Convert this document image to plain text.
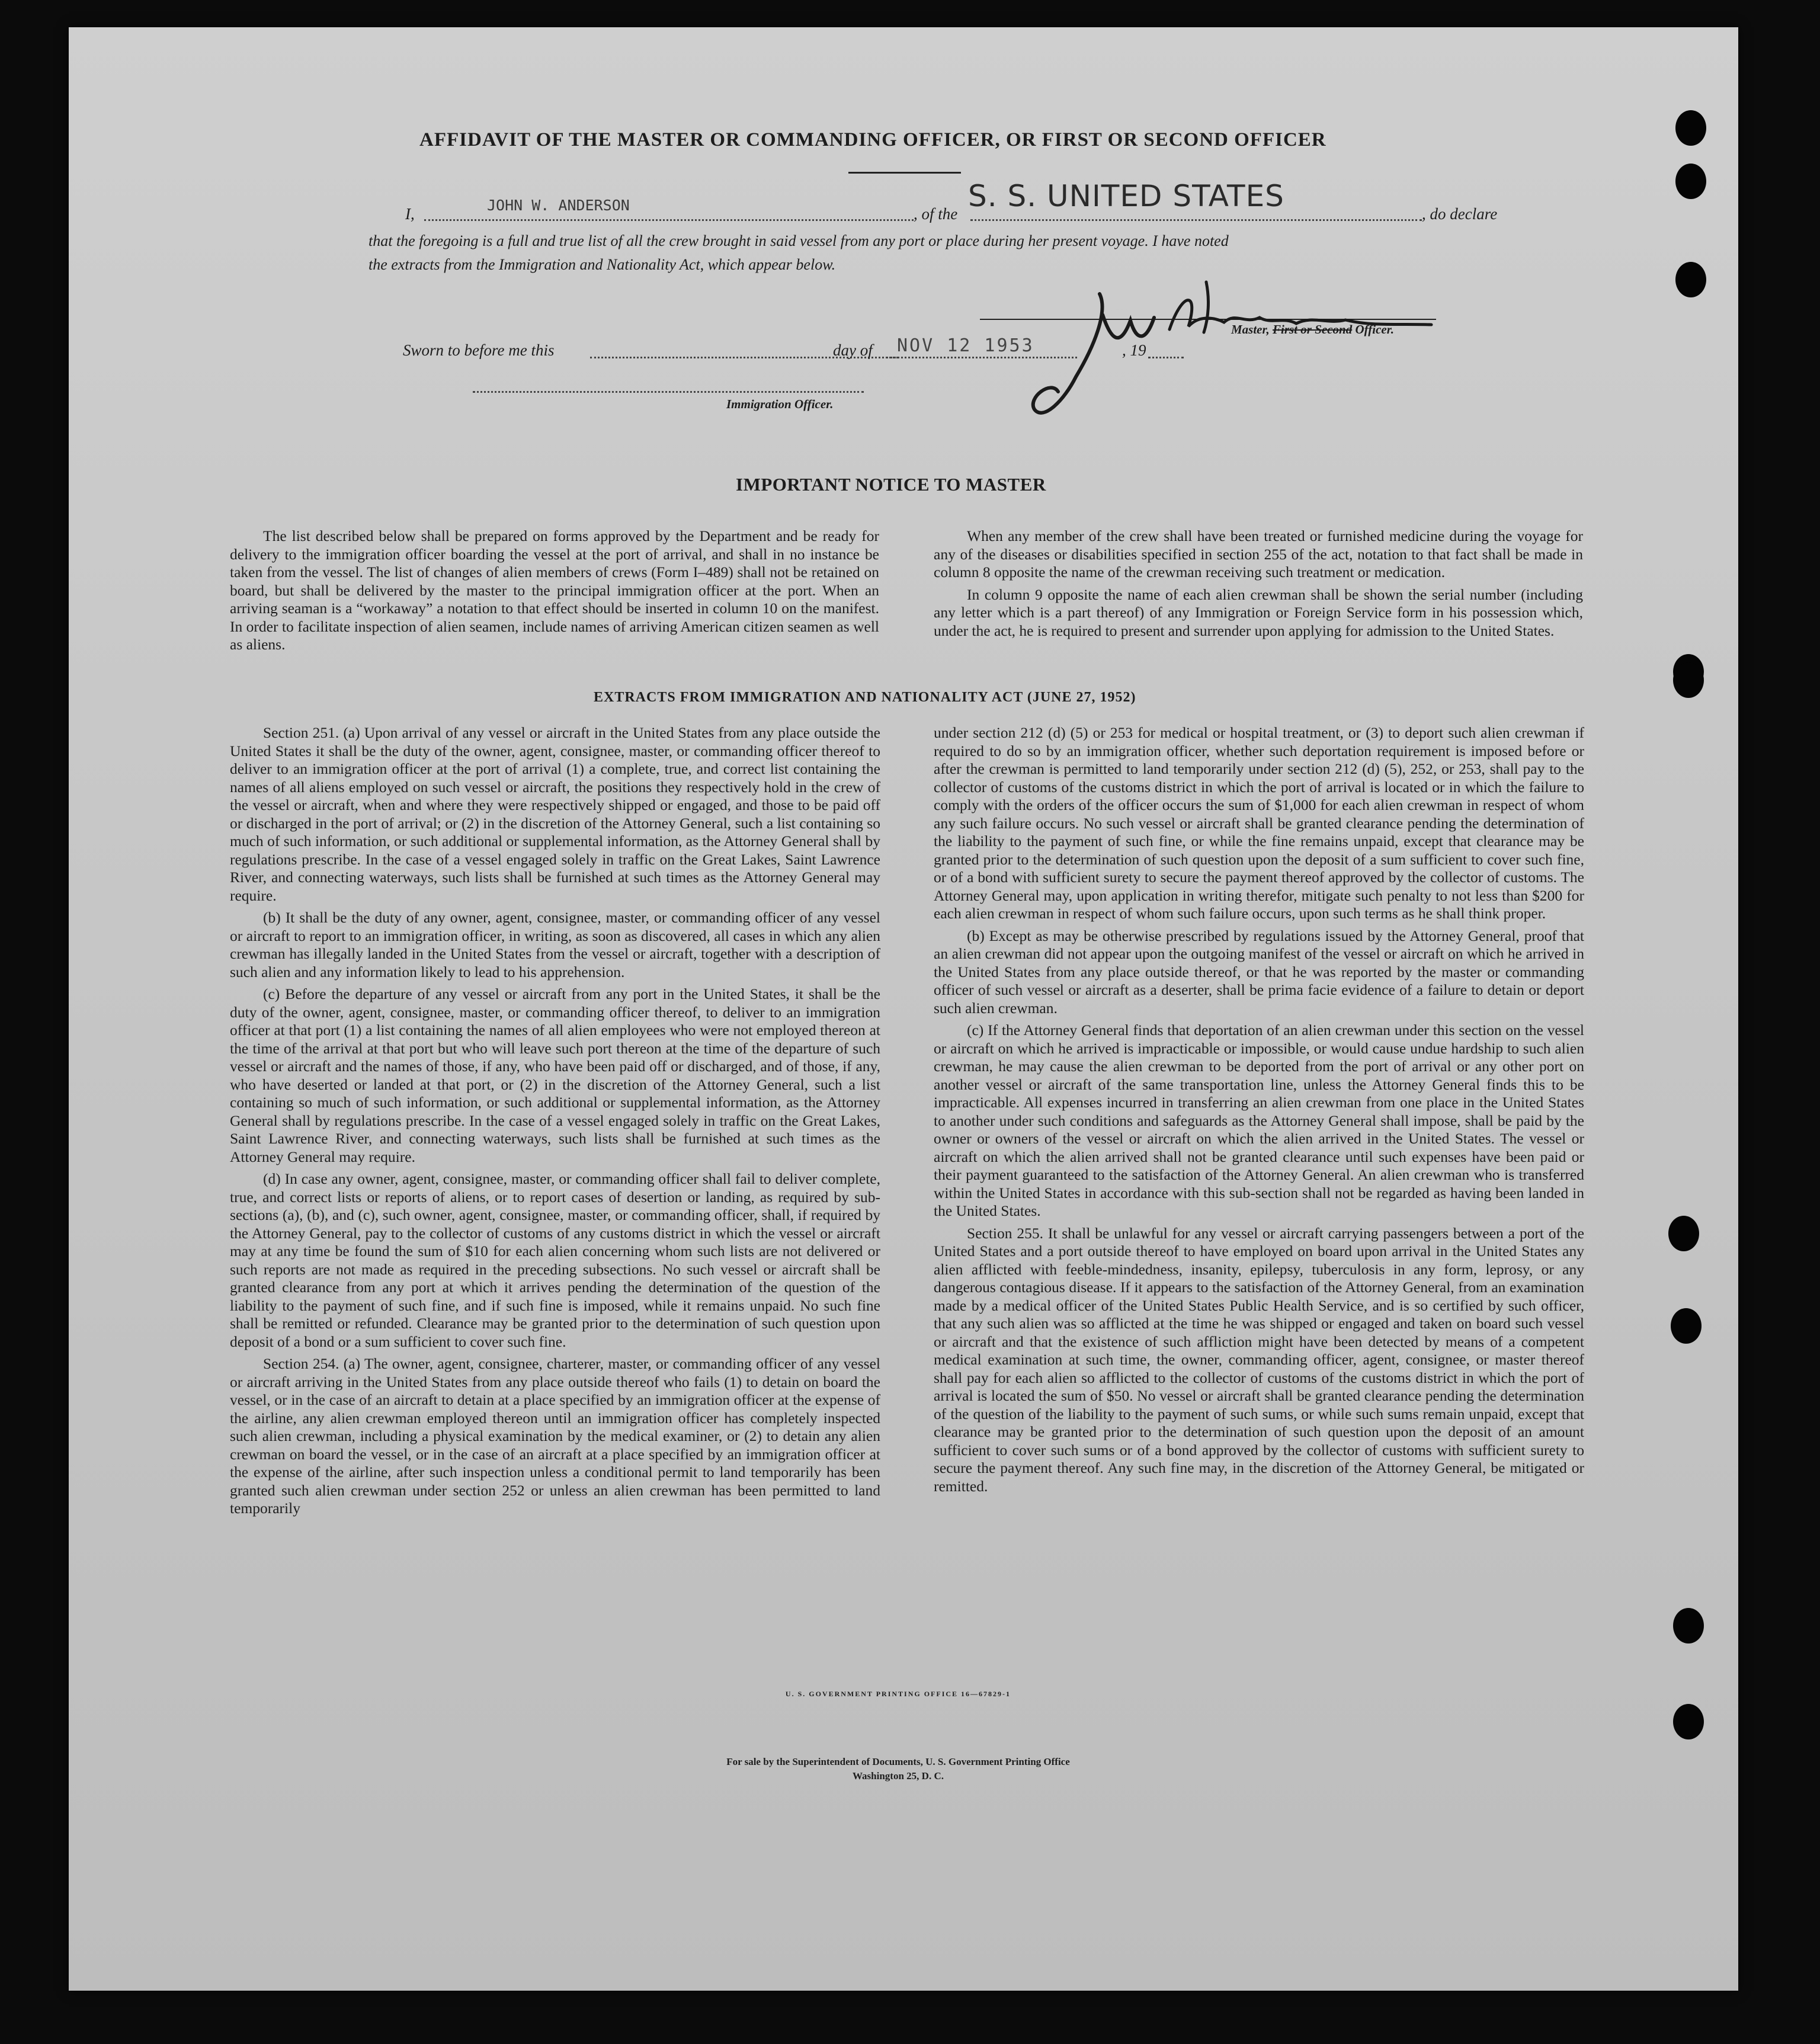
AFFIDAVIT OF THE MASTER OR COMMANDING OFFICER, OR FIRST OR SECOND OFFICER
I,	JOHN W. ANDERSON	, of the
S. S. UNITED STATES
, do declare
that the foregoing is a full and true list of all the crew brought in said vessel from any port or place during her present voyage. I have noted
the extracts from the Immigration and Nationality Act, which appear below.
JW Anderson
Master, First or Second Officer.
Sworn to before me this	day of NOV 12 1953	, 19
Immigration Officer.
IMPORTANT NOTICE TO MASTER

The list described below shall be prepared on forms approved by the Department and be ready for delivery to the immigration officer boarding the vessel at the port of arrival, and shall in no instance be taken from the vessel. The list of changes of alien members of crews (Form I–489) shall not be retained on board, but shall be delivered by the master to the principal immigration officer at the port. When an arriving seaman is a “workaway” a notation to that effect should be inserted in column 10 on the manifest. In order to facilitate inspection of alien seamen, include names of arriving American citizen seamen as well as aliens.

When any member of the crew shall have been treated or furnished medicine during the voyage for any of the diseases or disabilities specified in section 255 of the act, notation to that fact shall be made in column 8 opposite the name of the crewman receiving such treatment or medication.

In column 9 opposite the name of each alien crewman shall be shown the serial number (including any letter which is a part thereof) of any Immigration or Foreign Service form in his possession which, under the act, he is required to present and surrender upon applying for admission to the United States.

EXTRACTS FROM IMMIGRATION AND NATIONALITY ACT (JUNE 27, 1952)

Section 251. (a) Upon arrival of any vessel or aircraft in the United States from any place outside the United States it shall be the duty of the owner, agent, consignee, master, or commanding officer thereof to deliver to an immigration officer at the port of arrival (1) a complete, true, and correct list containing the names of all aliens employed on such vessel or aircraft, the positions they respectively hold in the crew of the vessel or aircraft, when and where they were respectively shipped or engaged, and those to be paid off or discharged in the port of arrival; or (2) in the discretion of the Attorney General, such a list containing so much of such information, or such additional or supplemental information, as the Attorney General shall by regulations prescribe. In the case of a vessel engaged solely in traffic on the Great Lakes, Saint Lawrence River, and connecting waterways, such lists shall be furnished at such times as the Attorney General may require.

(b) It shall be the duty of any owner, agent, consignee, master, or commanding officer of any vessel or aircraft to report to an immigration officer, in writing, as soon as discovered, all cases in which any alien crewman has illegally landed in the United States from the vessel or aircraft, together with a description of such alien and any information likely to lead to his apprehension.

(c) Before the departure of any vessel or aircraft from any port in the United States, it shall be the duty of the owner, agent, consignee, master, or commanding officer thereof, to deliver to an immigration officer at that port (1) a list containing the names of all alien employees who were not employed thereon at the time of the arrival at that port but who will leave such port thereon at the time of the departure of such vessel or aircraft and the names of those, if any, who have been paid off or discharged, and of those, if any, who have deserted or landed at that port, or (2) in the discretion of the Attorney General, such a list containing so much of such information, or such additional or supplemental information, as the Attorney General shall by regulations prescribe. In the case of a vessel engaged solely in traffic on the Great Lakes, Saint Lawrence River, and connecting waterways, such lists shall be furnished at such times as the Attorney General may require.

(d) In case any owner, agent, consignee, master, or commanding officer shall fail to deliver complete, true, and correct lists or reports of aliens, or to report cases of desertion or landing, as required by sub-sections (a), (b), and (c), such owner, agent, consignee, master, or commanding officer, shall, if required by the Attorney General, pay to the collector of customs of any customs district in which the vessel or aircraft may at any time be found the sum of $10 for each alien concerning whom such lists are not delivered or such reports are not made as required in the preceding subsections. No such vessel or aircraft shall be granted clearance from any port at which it arrives pending the determination of the question of the liability to the payment of such fine, and if such fine is imposed, while it remains unpaid. No such fine shall be remitted or refunded. Clearance may be granted prior to the determination of such question upon deposit of a bond or a sum sufficient to cover such fine.

Section 254. (a) The owner, agent, consignee, charterer, master, or commanding officer of any vessel or aircraft arriving in the United States from any place outside thereof who fails (1) to detain on board the vessel, or in the case of an aircraft to detain at a place specified by an immigration officer at the expense of the airline, any alien crewman employed thereon until an immigration officer has completely inspected such alien crewman, including a physical examination by the medical examiner, or (2) to detain any alien crewman on board the vessel, or in the case of an aircraft at a place specified by an immigration officer at the expense of the airline, after such inspection unless a conditional permit to land temporarily has been granted such alien crewman under section 252 or unless an alien crewman has been permitted to land temporarily

under section 212 (d) (5) or 253 for medical or hospital treatment, or (3) to deport such alien crewman if required to do so by an immigration officer, whether such deportation requirement is imposed before or after the crewman is permitted to land temporarily under section 212 (d) (5), 252, or 253, shall pay to the collector of customs of the customs district in which the port of arrival is located or in which the failure to comply with the orders of the officer occurs the sum of $1,000 for each alien crewman in respect of whom any such failure occurs. No such vessel or aircraft shall be granted clearance pending the determination of the liability to the payment of such fine, or while the fine remains unpaid, except that clearance may be granted prior to the determination of such question upon the deposit of a sum sufficient to cover such fine, or of a bond with sufficient surety to secure the payment thereof approved by the collector of customs. The Attorney General may, upon application in writing therefor, mitigate such penalty to not less than $200 for each alien crewman in respect of whom such failure occurs, upon such terms as he shall think proper.

(b) Except as may be otherwise prescribed by regulations issued by the Attorney General, proof that an alien crewman did not appear upon the outgoing manifest of the vessel or aircraft on which he arrived in the United States from any place outside thereof, or that he was reported by the master or commanding officer of such vessel or aircraft as a deserter, shall be prima facie evidence of a failure to detain or deport such alien crewman.

(c) If the Attorney General finds that deportation of an alien crewman under this section on the vessel or aircraft on which he arrived is impracticable or impossible, or would cause undue hardship to such alien crewman, he may cause the alien crewman to be deported from the port of arrival or any other port on another vessel or aircraft of the same transportation line, unless the Attorney General finds this to be impracticable. All expenses incurred in transferring an alien crewman from one place in the United States to another under such conditions and safeguards as the Attorney General shall impose, shall be paid by the owner or owners of the vessel or aircraft on which the alien arrived in the United States. The vessel or aircraft on which the alien arrived shall not be granted clearance until such expenses have been paid or their payment guaranteed to the satisfaction of the Attorney General. An alien crewman who is transferred within the United States in accordance with this sub-section shall not be regarded as having been landed in the United States.

Section 255. It shall be unlawful for any vessel or aircraft carrying passengers between a port of the United States and a port outside thereof to have employed on board upon arrival in the United States any alien afflicted with feeble-mindedness, insanity, epilepsy, tuberculosis in any form, leprosy, or any dangerous contagious disease. If it appears to the satisfaction of the Attorney General, from an examination made by a medical officer of the United States Public Health Service, and is so certified by such officer, that any such alien was so afflicted at the time he was shipped or engaged and taken on board such vessel or aircraft and that the existence of such affliction might have been detected by means of a competent medical examination at such time, the owner, commanding officer, agent, consignee, or master thereof shall pay for each alien so afflicted to the collector of customs of the customs district in which the port of arrival is located the sum of $50. No vessel or aircraft shall be granted clearance pending the determination of the question of the liability to the payment of such sums, or while such sums remain unpaid, except that clearance may be granted prior to the determination of such question upon the deposit of an amount sufficient to cover such sums or of a bond approved by the collector of customs with sufficient surety to secure the payment thereof. Any such fine may, in the discretion of the Attorney General, be mitigated or remitted.

U. S. GOVERNMENT PRINTING OFFICE 16—67829-1
For sale by the Superintendent of Documents, U. S. Government Printing Office
Washington 25, D. C.
